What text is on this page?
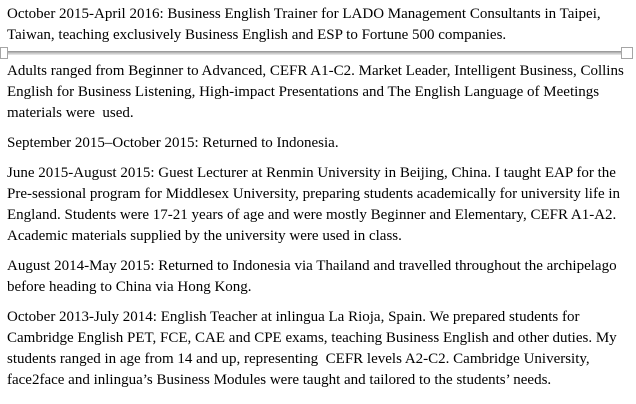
October 2015-April 2016: Business English Trainer for LADO Management Consultants in Taipei, Taiwan, teaching exclusively Business English and ESP to Fortune 500 companies.

Adults ranged from Beginner to Advanced, CEFR A1-C2. Market Leader, Intelligent Business, Collins English for Business Listening, High-impact Presentations and The English Language of Meetings materials were  used.

September 2015–October 2015: Returned to Indonesia.

June 2015-August 2015: Guest Lecturer at Renmin University in Beijing, China. I taught EAP for the Pre-sessional program for Middlesex University, preparing students academically for university life in England. Students were 17-21 years of age and were mostly Beginner and Elementary, CEFR A1-A2. Academic materials supplied by the university were used in class.

August 2014-May 2015: Returned to Indonesia via Thailand and travelled throughout the archipelago before heading to China via Hong Kong.

October 2013-July 2014: English Teacher at inlingua La Rioja, Spain. We prepared students for Cambridge English PET, FCE, CAE and CPE exams, teaching Business English and other duties. My students ranged in age from 14 and up, representing  CEFR levels A2-C2. Cambridge University, face2face and inlingua’s Business Modules were taught and tailored to the students’ needs.
